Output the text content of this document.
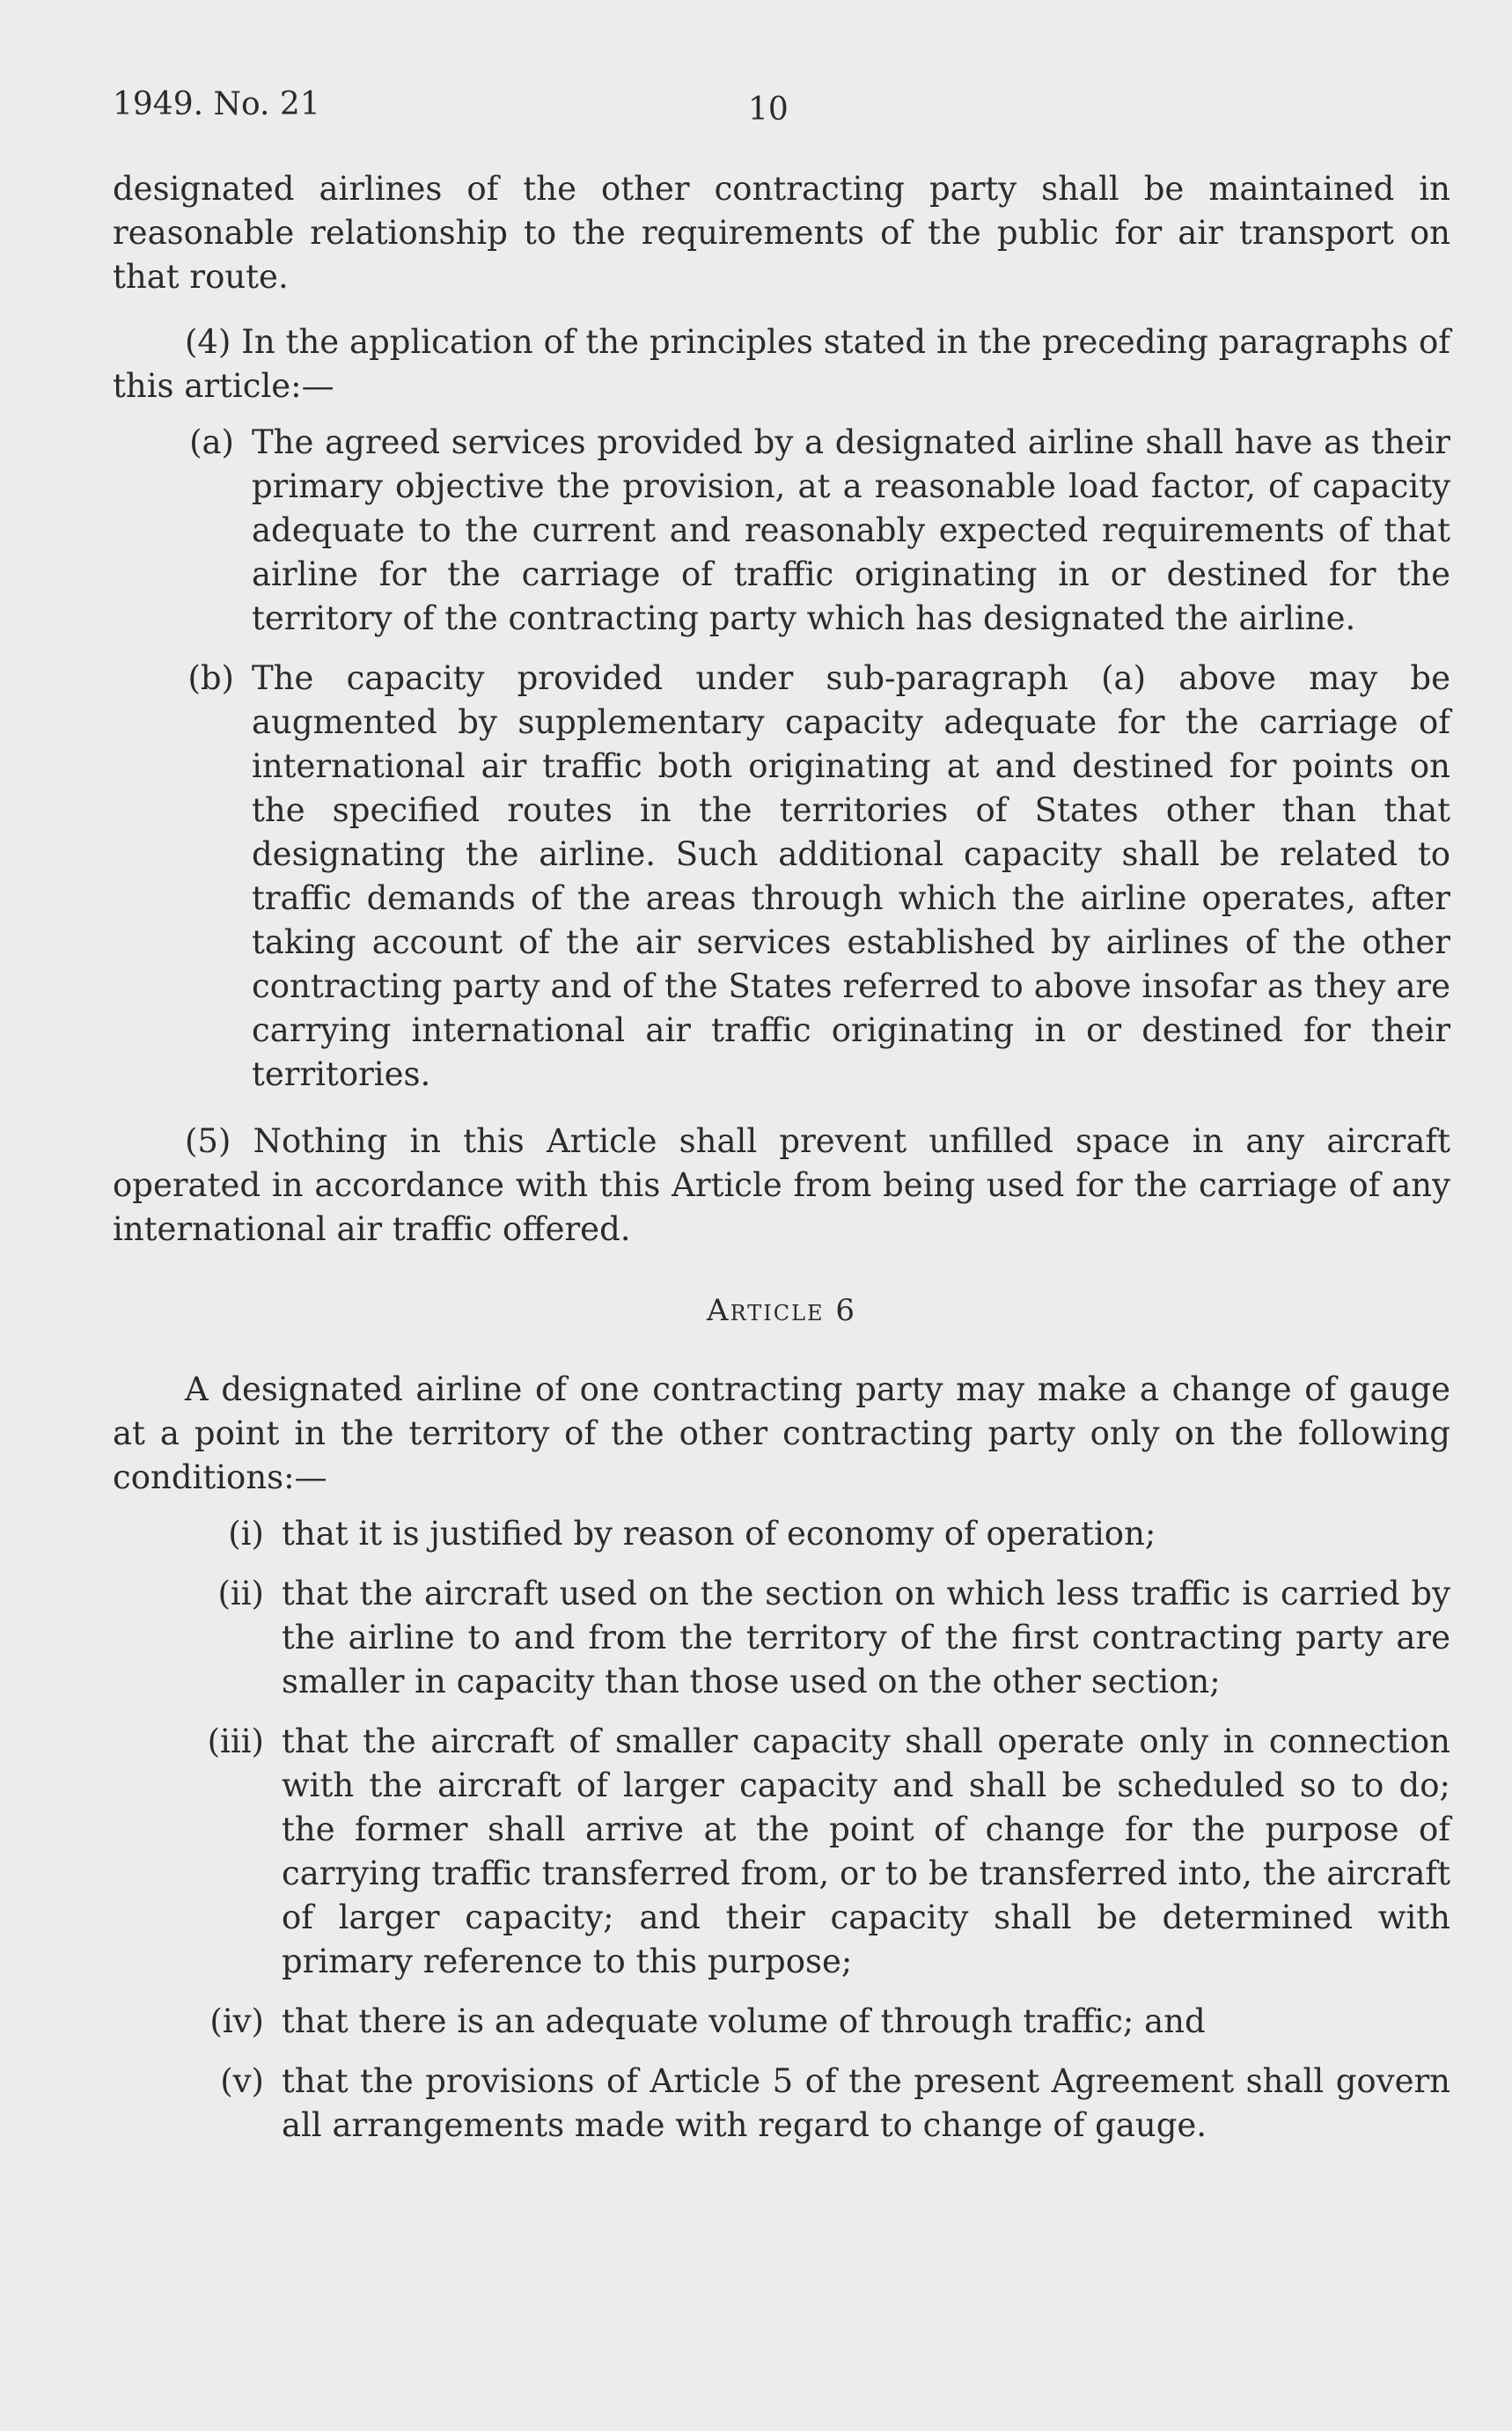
1949. No. 21	10

designated airlines of the other contracting party shall be maintained in reasonable relationship to the requirements of the public for air transport on that route.

(4) In the application of the principles stated in the preceding paragraphs of this article:—

(a) The agreed services provided by a designated airline shall have as their primary objective the provision, at a reasonable load factor, of capacity adequate to the current and reasonably expected requirements of that airline for the carriage of traffic originating in or destined for the territory of the contracting party which has designated the airline.
(b) The capacity provided under sub-paragraph (a) above may be augmented by supplementary capacity adequate for the carriage of international air traffic both originating at and destined for points on the specified routes in the territories of States other than that designating the airline. Such additional capacity shall be related to traffic demands of the areas through which the airline operates, after taking account of the air services established by airlines of the other contracting party and of the States referred to above insofar as they are carrying international air traffic originating in or destined for their territories.

(5) Nothing in this Article shall prevent unfilled space in any aircraft operated in accordance with this Article from being used for the carriage of any international air traffic offered.

Article 6

A designated airline of one contracting party may make a change of gauge at a point in the territory of the other contracting party only on the following conditions:—

(i) that it is justified by reason of economy of operation;
(ii) that the aircraft used on the section on which less traffic is carried by the airline to and from the territory of the first contracting party are smaller in capacity than those used on the other section;
(iii) that the aircraft of smaller capacity shall operate only in connection with the aircraft of larger capacity and shall be scheduled so to do; the former shall arrive at the point of change for the purpose of carrying traffic transferred from, or to be transferred into, the aircraft of larger capacity; and their capacity shall be determined with primary reference to this purpose;
(iv) that there is an adequate volume of through traffic; and
(v) that the provisions of Article 5 of the present Agreement shall govern all arrangements made with regard to change of gauge.
